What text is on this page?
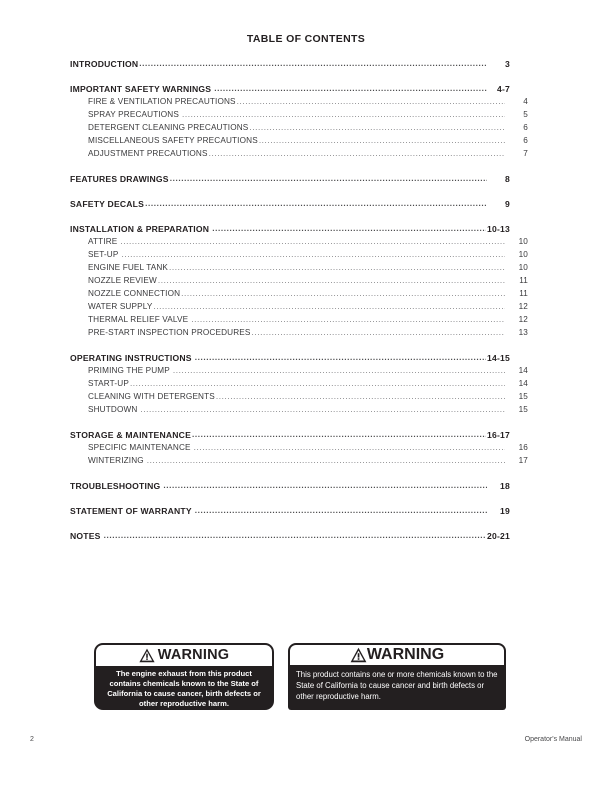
TABLE OF CONTENTS
INTRODUCTION .....	3
IMPORTANT SAFETY WARNINGS .....	4-7
FIRE & VENTILATION PRECAUTIONS .....	4
SPRAY PRECAUTIONS .....	5
DETERGENT CLEANING PRECAUTIONS .....	6
MISCELLANEOUS SAFETY PRECAUTIONS .....	6
ADJUSTMENT PRECAUTIONS .....	7
FEATURES DRAWINGS .....	8
SAFETY DECALS .....	9
INSTALLATION & PREPARATION .....	10-13
ATTIRE .....	10
SET-UP .....	10
ENGINE FUEL TANK .....	10
NOZZLE REVIEW .....	11
NOZZLE CONNECTION .....	11
WATER SUPPLY .....	12
THERMAL RELIEF VALVE .....	12
PRE-START INSPECTION PROCEDURES .....	13
OPERATING INSTRUCTIONS .....	14-15
PRIMING THE PUMP .....	14
START-UP .....	14
CLEANING WITH DETERGENTS .....	15
SHUTDOWN .....	15
STORAGE & MAINTENANCE .....	16-17
SPECIFIC MAINTENANCE .....	16
WINTERIZING .....	17
TROUBLESHOOTING .....	18
STATEMENT OF WARRANTY .....	19
NOTES .....	20-21
WARNING
The engine exhaust from this product contains chemicals known to the State of California to cause cancer, birth defects or other reproductive harm.
WARNING
This product contains one or more chemicals known to the State of California to cause cancer and birth defects or other reproductive harm.
2	Operator's Manual
